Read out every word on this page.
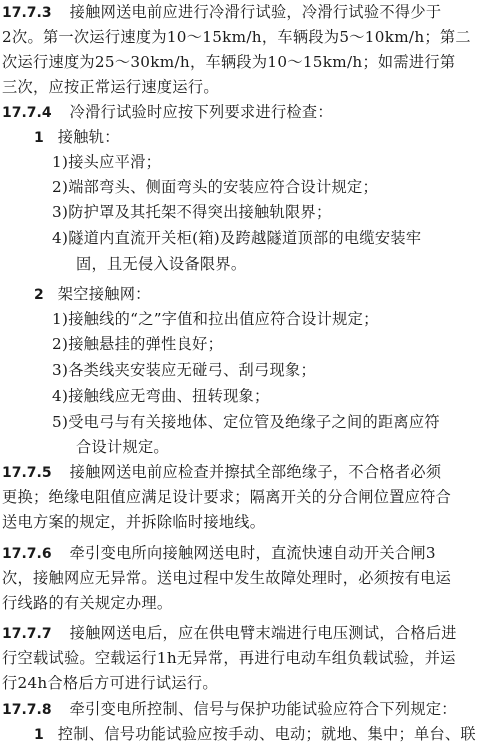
17.7.3 接触网送电前应进行冷滑行试验，冷滑行试验不得少于
2次。第一次运行速度为10～15km/h，车辆段为5～10km/h；第二
次运行速度为25～30km/h，车辆段为10～15km/h；如需进行第
三次，应按正常运行速度运行。
17.7.4 冷滑行试验时应按下列要求进行检查：
1 接触轨：
1)接头应平滑；
2)端部弯头、侧面弯头的安装应符合设计规定；
3)防护罩及其托架不得突出接触轨限界；
4)隧道内直流开关柜(箱)及跨越隧道顶部的电缆安装牢
固，且无侵入设备限界。
2 架空接触网：
1)接触线的“之”字值和拉出值应符合设计规定；
2)接触悬挂的弹性良好；
3)各类线夹安装应无碰弓、刮弓现象；
4)接触线应无弯曲、扭转现象；
5)受电弓与有关接地体、定位管及绝缘子之间的距离应符
合设计规定。
17.7.5 接触网送电前应检查并擦拭全部绝缘子，不合格者必须
更换；绝缘电阻值应满足设计要求；隔离开关的分合闸位置应符合
送电方案的规定，并拆除临时接地线。
17.7.6 牵引变电所向接触网送电时，直流快速自动开关合闸3
次，接触网应无异常。送电过程中发生故障处理时，必须按有电运
行线路的有关规定办理。
17.7.7 接触网送电后，应在供电臂末端进行电压测试，合格后进
行空载试验。空载运行1h无异常，再进行电动车组负载试验，并运
行24h合格后方可进行试运行。
17.7.8 牵引变电所控制、信号与保护功能试验应符合下列规定：
1 控制、信号功能试验应按手动、电动；就地、集中；单台、联
